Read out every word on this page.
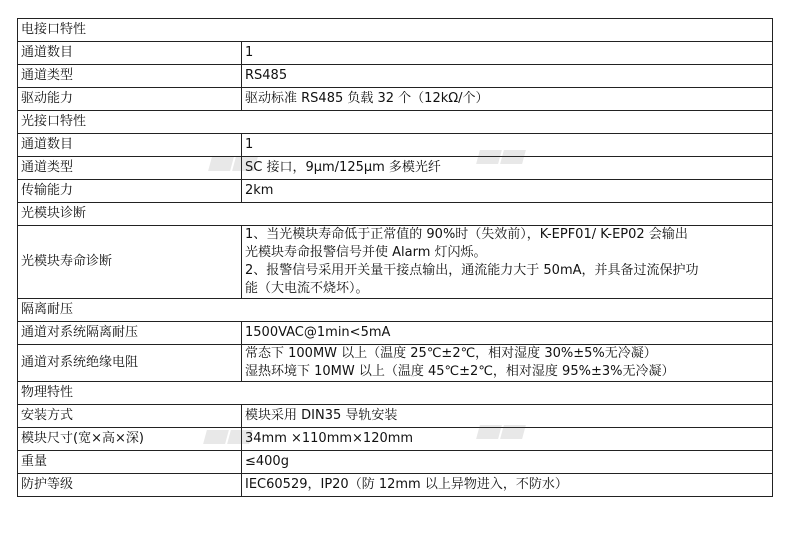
电接口特性	
通道数目	1
通道类型	RS485
驱动能力	驱动标准 RS485 负载 32 个（12kΩ/个）
光接口特性	
通道数目	1
通道类型	SC 接口，9μm/125μm 多模光纤
传输能力	2km
光模块诊断	
光模块寿命诊断	1、当光模块寿命低于正常值的 90%时（失效前），K-EPF01/ K-EP02 会输出
光模块寿命报警信号并使 Alarm 灯闪烁。
2、报警信号采用开关量干接点输出，通流能力大于 50mA，并具备过流保护功
能（大电流不烧坏）。

隔离耐压	
通道对系统隔离耐压	1500VAC@1min<5mA
通道对系统绝缘电阻	常态下 100MW 以上（温度 25℃±2℃，相对湿度 30%±5%无冷凝）
湿热环境下 10MW 以上（温度 45℃±2℃，相对湿度 95%±3%无冷凝）

物理特性	
安装方式	模块采用 DIN35 导轨安装
模块尺寸(宽×高×深)	34mm ×110mm×120mm
重量	≤400g
防护等级	IEC60529，IP20（防 12mm 以上异物进入，不防水）
